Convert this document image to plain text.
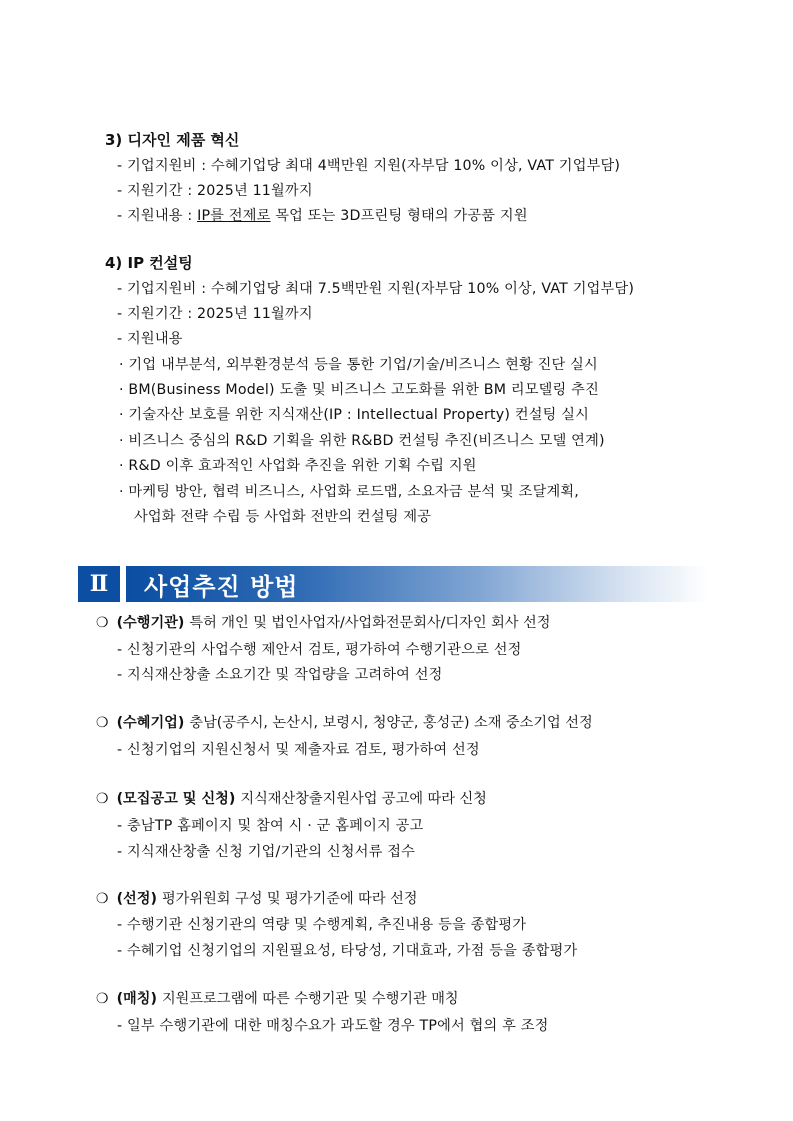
3) 디자인 제품 혁신
- 기업지원비 : 수혜기업당 최대 4백만원 지원(자부담 10% 이상, VAT 기업부담)
- 지원기간 : 2025년 11월까지
- 지원내용 : IP를 전제로 목업 또는 3D프린팅 형태의 가공품 지원
4) IP 컨설팅
- 기업지원비 : 수혜기업당 최대 7.5백만원 지원(자부담 10% 이상, VAT 기업부담)
- 지원기간 : 2025년 11월까지
- 지원내용
· 기업 내부분석, 외부환경분석 등을 통한 기업/기술/비즈니스 현황 진단 실시
· BM(Business Model) 도출 및 비즈니스 고도화를 위한 BM 리모델링 추진
· 기술자산 보호를 위한 지식재산(IP : Intellectual Property) 컨설팅 실시
· 비즈니스 중심의 R&D 기획을 위한 R&BD 컨설팅 추진(비즈니스 모델 연계)
· R&D 이후 효과적인 사업화 추진을 위한 기획 수립 지원
· 마케팅 방안, 협력 비즈니스, 사업화 로드맵, 소요자금 분석 및 조달계획,
사업화 전략 수립 등 사업화 전반의 컨설팅 제공
Ⅱ	사업추진 방법
❍ (수행기관) 특허 개인 및 법인사업자/사업화전문회사/디자인 회사 선정
- 신청기관의 사업수행 제안서 검토, 평가하여 수행기관으로 선정
- 지식재산창출 소요기간 및 작업량을 고려하여 선정
❍ (수혜기업) 충남(공주시, 논산시, 보령시, 청양군, 홍성군) 소재 중소기업 선정
- 신청기업의 지원신청서 및 제출자료 검토, 평가하여 선정
❍ (모집공고 및 신청) 지식재산창출지원사업 공고에 따라 신청
- 충남TP 홈페이지 및 참여 시 · 군 홈페이지 공고
- 지식재산창출 신청 기업/기관의 신청서류 접수
❍ (선정) 평가위원회 구성 및 평가기준에 따라 선정
- 수행기관 신청기관의 역량 및 수행계획, 추진내용 등을 종합평가
- 수혜기업 신청기업의 지원필요성, 타당성, 기대효과, 가점 등을 종합평가
❍ (매칭) 지원프로그램에 따른 수행기관 및 수행기관 매칭
- 일부 수행기관에 대한 매칭수요가 과도할 경우 TP에서 협의 후 조정
